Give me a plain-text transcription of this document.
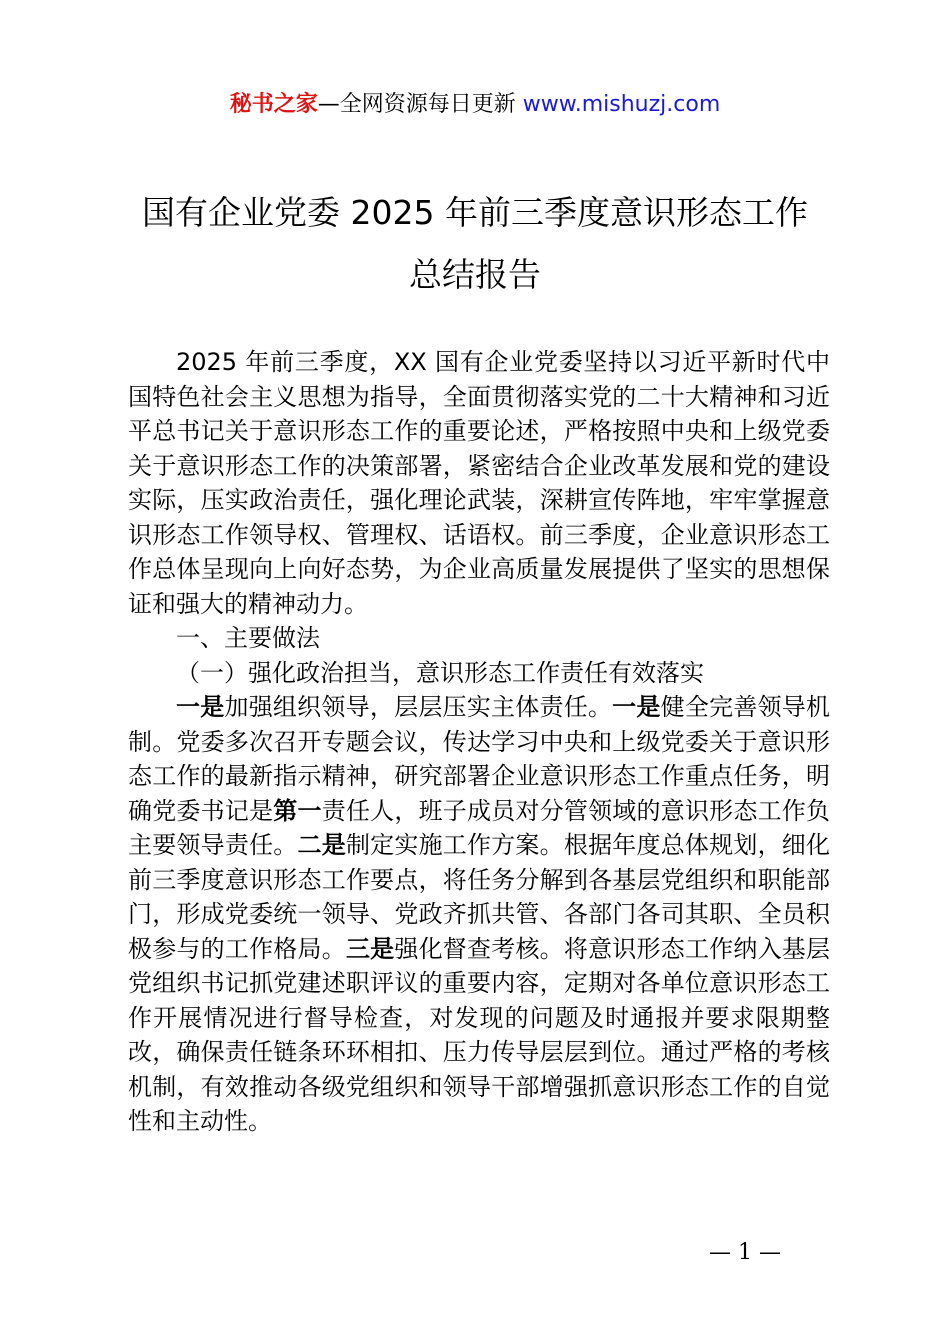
秘书之家—全网资源每日更新 www.mishuzj.com
国有企业党委 2025 年前三季度意识形态工作
总结报告

2025 年前三季度，XX 国有企业党委坚持以习近平新时代中国特色社会主义思想为指导，全面贯彻落实党的二十大精神和习近平总书记关于意识形态工作的重要论述，严格按照中央和上级党委关于意识形态工作的决策部署，紧密结合企业改革发展和党的建设实际，压实政治责任，强化理论武装，深耕宣传阵地，牢牢掌握意识形态工作领导权、管理权、话语权。前三季度，企业意识形态工作总体呈现向上向好态势，为企业高质量发展提供了坚实的思想保证和强大的精神动力。

一、主要做法

（一）强化政治担当，意识形态工作责任有效落实

一是加强组织领导，层层压实主体责任。一是健全完善领导机制。党委多次召开专题会议，传达学习中央和上级党委关于意识形态工作的最新指示精神，研究部署企业意识形态工作重点任务，明确党委书记是第一责任人，班子成员对分管领域的意识形态工作负主要领导责任。二是制定实施工作方案。根据年度总体规划，细化前三季度意识形态工作要点，将任务分解到各基层党组织和职能部门，形成党委统一领导、党政齐抓共管、各部门各司其职、全员积极参与的工作格局。三是强化督查考核。将意识形态工作纳入基层党组织书记抓党建述职评议的重要内容，定期对各单位意识形态工作开展情况进行督导检查，对发现的问题及时通报并要求限期整改，确保责任链条环环相扣、压力传导层层到位。通过严格的考核机制，有效推动各级党组织和领导干部增强抓意识形态工作的自觉性和主动性。

— 1 —
